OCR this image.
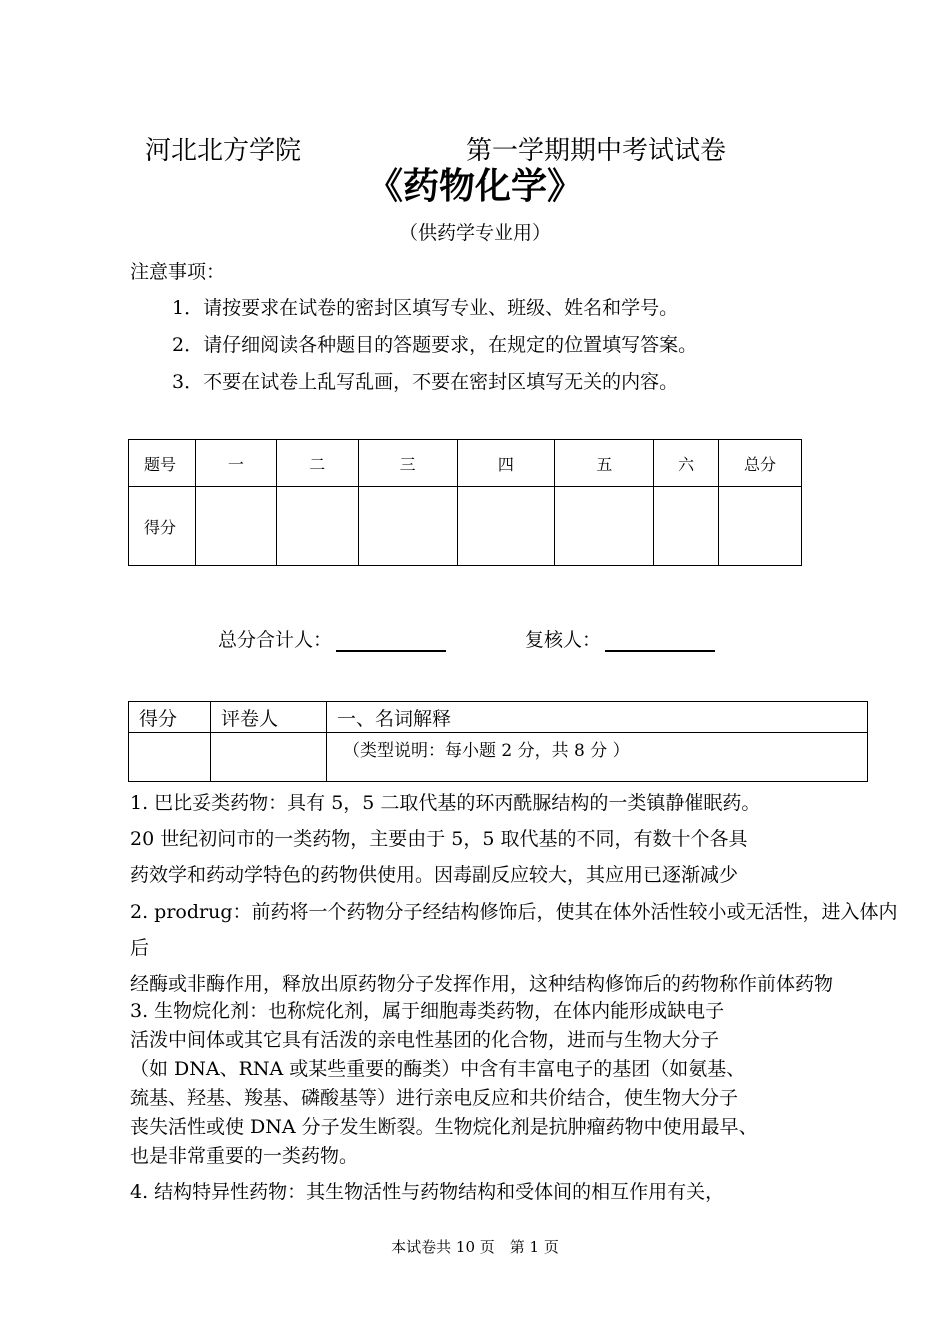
河北北方学院	第一学期期中考试试卷
《药物化学》
（供药学专业用）
注意事项：
1．请按要求在试卷的密封区填写专业、班级、姓名和学号。
2．请仔细阅读各种题目的答题要求，在规定的位置填写答案。
3．不要在试卷上乱写乱画，不要在密封区填写无关的内容。
题号	一	二	三	四	五	六	总分
得分							
总分合计人：	复核人：
得分	评卷人	一、名词解释
		（类型说明：每小题 2 分，共 8 分 ）
1. 巴比妥类药物：具有 5，5 二取代基的环丙酰脲结构的一类镇静催眠药。
20 世纪初问市的一类药物，主要由于 5，5 取代基的不同，有数十个各具
药效学和药动学特色的药物供使用。因毒副反应较大，其应用已逐渐减少
2. prodrug：前药将一个药物分子经结构修饰后，使其在体外活性较小或无活性，进入体内
后
经酶或非酶作用，释放出原药物分子发挥作用，这种结构修饰后的药物称作前体药物
3. 生物烷化剂：也称烷化剂，属于细胞毒类药物，在体内能形成缺电子
活泼中间体或其它具有活泼的亲电性基团的化合物，进而与生物大分子
（如 DNA、RNA 或某些重要的酶类）中含有丰富电子的基团（如氨基、
巯基、羟基、羧基、磷酸基等）进行亲电反应和共价结合，使生物大分子
丧失活性或使 DNA 分子发生断裂。生物烷化剂是抗肿瘤药物中使用最早、
也是非常重要的一类药物。
4. 结构特异性药物：其生物活性与药物结构和受体间的相互作用有关，
本试卷共 10 页　第 1 页
